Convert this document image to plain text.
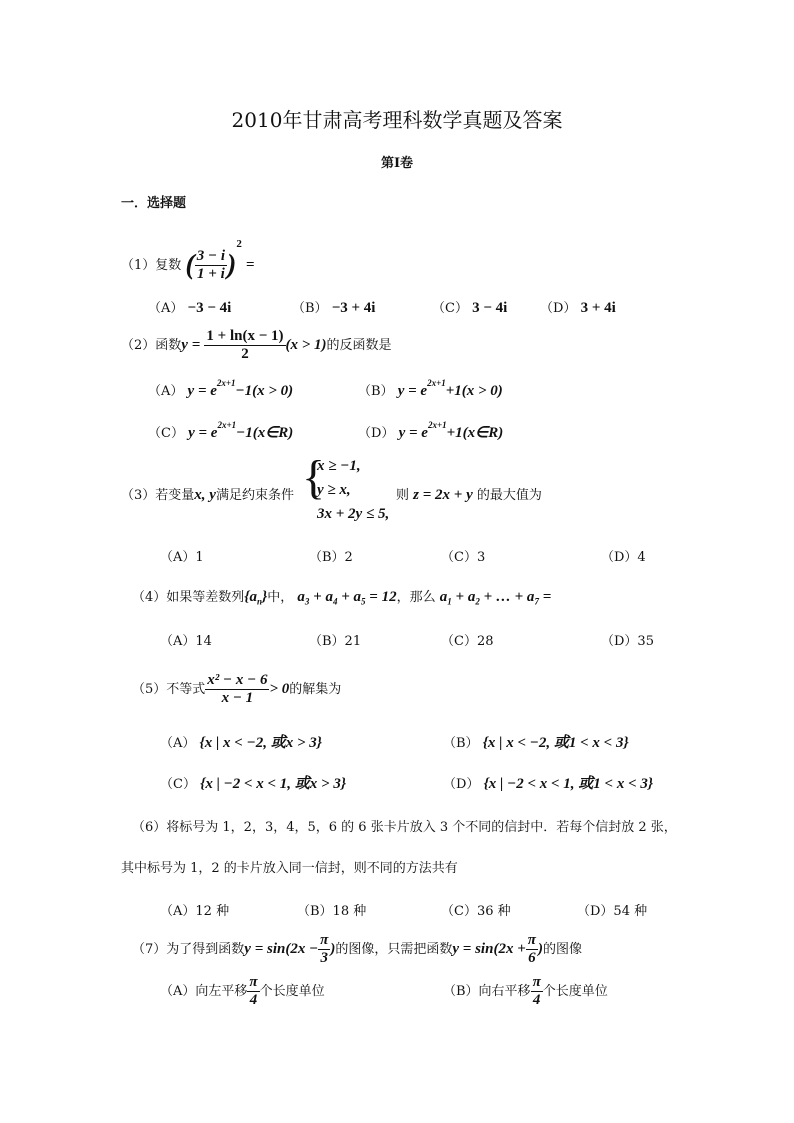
2010年甘肃高考理科数学真题及答案
第Ⅰ卷
一．选择题
（1）复数 ( $\frac{3 - i}{1 + i} )^2$ =
（A） −3 − 4i	（B） −3 + 4i	（C） 3 − 4i	（D） 3 + 4i
（2）函数$y = \frac{1 + \ln(x - 1)}{2} (x > 1)$的反函数是
（A） $y = e^{2x+1}-1(x > 0)$	（B） $y = e^{2x+1}+1(x > 0)$
（C） $y = e^{2x+1}-1(x\in R)$	（D） $y = e^{2x+1}+1(x\in R)$
（3）若变量x, y满足约束条件 {
x ≥ −1,
y ≥ x,
3x + 2y ≤ 5,
则 z = 2x + y 的最大值为
（A）1	（B）2	（C）3	（D）4
（4）如果等差数列$\{a_n\}$中， $a_3 + a_4 + a_5 = 12$，那么 $a_1 + a_2$ + … + $a_7$ =
（A）14	（B）21	（C）28	（D）35
（5）不等式 $\frac{\text{x² − x − 6}}{x - 1} > 0$的解集为
（A） {x | x < −2, 或x > 3}	（B） {x | x < −2, 或1 < x < 3}
（C） {x | −2 < x < 1, 或x > 3}	（D） {x | −2 < x < 1, 或1 < x < 3}
（6）将标号为 1，2，3，4，5，6 的 6 张卡片放入 3 个不同的信封中．若每个信封放 2 张，
其中标号为 1，2 的卡片放入同一信封，则不同的方法共有
（A）12 种	（B）18 种	（C）36 种	（D）54 种
（7）为了得到函数$y = \sin(2x - \frac{\pi}{3}$ )的图像，只需把函数$y = \sin(2x + \frac{\pi}{6}$ )的图像
（A）向左平移 $\frac{\pi}{4}$ 个长度单位	（B）向右平移 $\frac{\pi}{4}$ 个长度单位
